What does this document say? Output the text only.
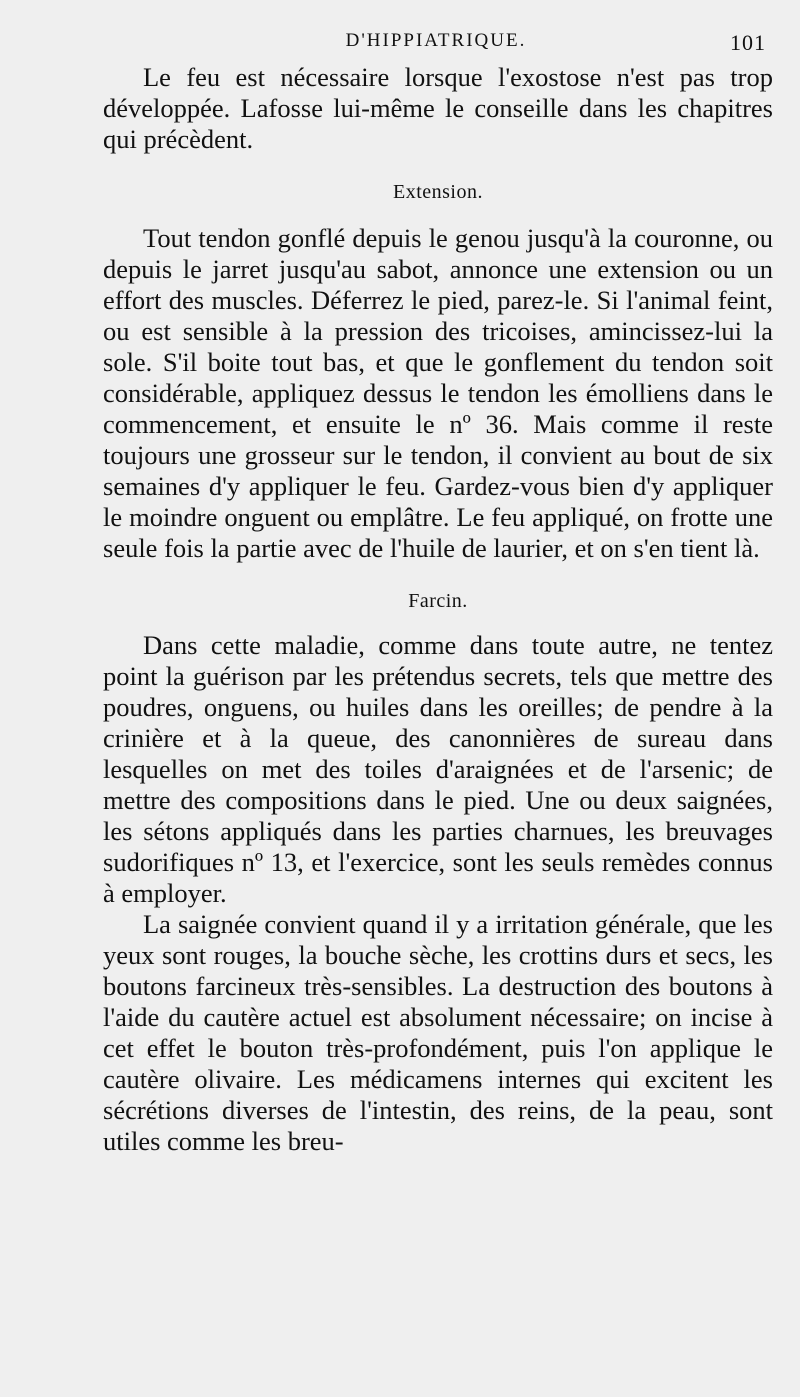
D'HIPPIATRIQUE.	101

Le feu est nécessaire lorsque l'exostose n'est pas trop développée. Lafosse lui-même le conseille dans les chapitres qui précèdent.

Extension.

Tout tendon gonflé depuis le genou jusqu'à la couronne, ou depuis le jarret jusqu'au sabot, annonce une extension ou un effort des muscles. Déferrez le pied, parez-le. Si l'animal feint, ou est sensible à la pression des tricoises, amincissez-lui la sole. S'il boite tout bas, et que le gonflement du tendon soit considérable, appliquez dessus le tendon les émolliens dans le commencement, et ensuite le nº 36. Mais comme il reste toujours une grosseur sur le tendon, il convient au bout de six semaines d'y appliquer le feu. Gardez-vous bien d'y appliquer le moindre onguent ou emplâtre. Le feu appliqué, on frotte une seule fois la partie avec de l'huile de laurier, et on s'en tient là.

Farcin.

Dans cette maladie, comme dans toute autre, ne tentez point la guérison par les prétendus secrets, tels que mettre des poudres, onguens, ou huiles dans les oreilles; de pendre à la crinière et à la queue, des canonnières de sureau dans lesquelles on met des toiles d'araignées et de l'arsenic; de mettre des compositions dans le pied. Une ou deux saignées, les sétons appliqués dans les parties charnues, les breuvages sudorifiques nº 13, et l'exercice, sont les seuls remèdes connus à employer.

La saignée convient quand il y a irritation générale, que les yeux sont rouges, la bouche sèche, les crottins durs et secs, les boutons farcineux très-sensibles. La destruction des boutons à l'aide du cautère actuel est absolument nécessaire; on incise à cet effet le bouton très-profondément, puis l'on applique le cautère olivaire. Les médicamens internes qui excitent les sécrétions diverses de l'intestin, des reins, de la peau, sont utiles comme les breu-
